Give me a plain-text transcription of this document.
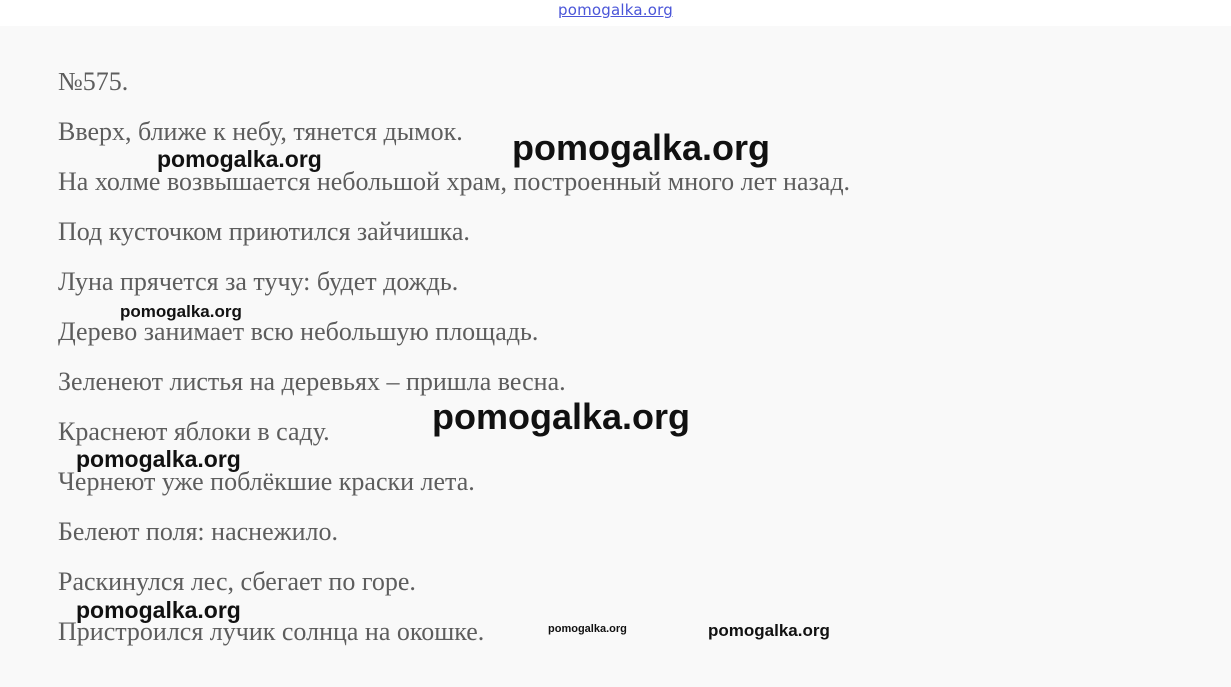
pomogalka.org
№575.
Вверх, ближе к небу, тянется дымок.
На холме возвышается небольшой храм, построенный много лет назад.
Под кусточком приютился зайчишка.
Луна прячется за тучу: будет дождь.
Дерево занимает всю небольшую площадь.
Зеленеют листья на деревьях – пришла весна.
Краснеют яблоки в саду.
Чернеют уже поблёкшие краски лета.
Белеют поля: наснежило.
Раскинулся лес, сбегает по горе.
Пристроился лучик солнца на окошке.
pomogalka.org
pomogalka.org
pomogalka.org
pomogalka.org
pomogalka.org
pomogalka.org
pomogalka.org	pomogalka.org
